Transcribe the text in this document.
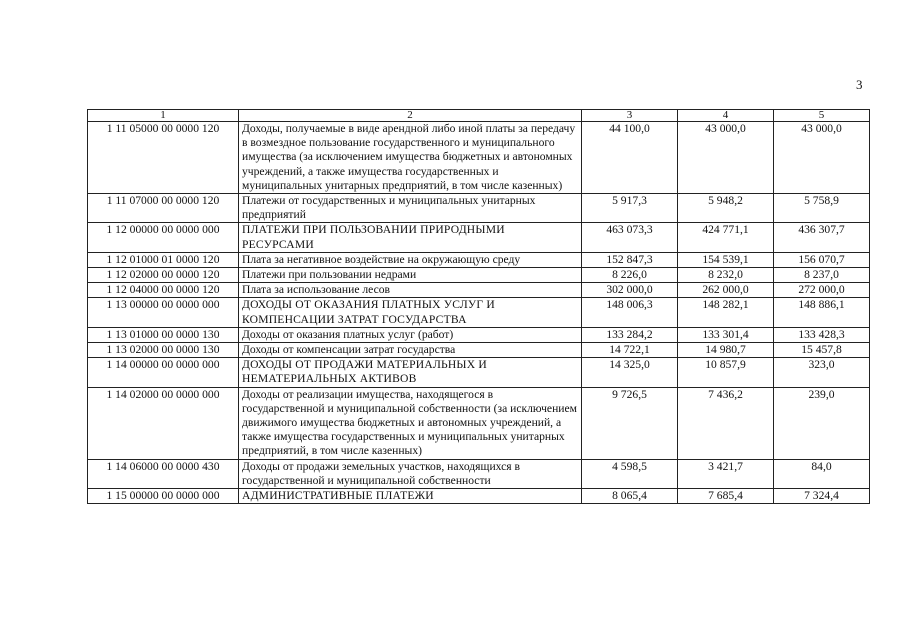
3
1	2	3	4	5
1 11 05000 00 0000 120	Доходы, получаемые в виде арендной либо иной платы за передачу в возмездное пользование государственного и муниципального имущества (за исключением имущества бюджетных и автономных учреждений, а также имущества государственных и муниципальных унитарных предприятий, в том числе казенных)	44 100,0	43 000,0	43 000,0
1 11 07000 00 0000 120	Платежи от государственных и муниципальных унитарных предприятий	5 917,3	5 948,2	5 758,9
1 12 00000 00 0000 000	ПЛАТЕЖИ ПРИ ПОЛЬЗОВАНИИ ПРИРОДНЫМИ РЕСУРСАМИ	463 073,3	424 771,1	436 307,7
1 12 01000 01 0000 120	Плата за негативное воздействие на окружающую среду	152 847,3	154 539,1	156 070,7
1 12 02000 00 0000 120	Платежи при пользовании недрами	8 226,0	8 232,0	8 237,0
1 12 04000 00 0000 120	Плата за использование лесов	302 000,0	262 000,0	272 000,0
1 13 00000 00 0000 000	ДОХОДЫ ОТ ОКАЗАНИЯ ПЛАТНЫХ УСЛУГ И КОМПЕНСАЦИИ ЗАТРАТ ГОСУДАРСТВА	148 006,3	148 282,1	148 886,1
1 13 01000 00 0000 130	Доходы от оказания платных услуг (работ)	133 284,2	133 301,4	133 428,3
1 13 02000 00 0000 130	Доходы от компенсации затрат государства	14 722,1	14 980,7	15 457,8
1 14 00000 00 0000 000	ДОХОДЫ ОТ ПРОДАЖИ МАТЕРИАЛЬНЫХ И НЕМАТЕРИАЛЬНЫХ АКТИВОВ	14 325,0	10 857,9	323,0
1 14 02000 00 0000 000	Доходы от реализации имущества, находящегося в государственной и муниципальной собственности (за исключением движимого имущества бюджетных и автономных учреждений, а также имущества государственных и муниципальных унитарных предприятий, в том числе казенных)	9 726,5	7 436,2	239,0
1 14 06000 00 0000 430	Доходы от продажи земельных участков, находящихся в государственной и муниципальной собственности	4 598,5	3 421,7	84,0
1 15 00000 00 0000 000	АДМИНИСТРАТИВНЫЕ ПЛАТЕЖИ	8 065,4	7 685,4	7 324,4
